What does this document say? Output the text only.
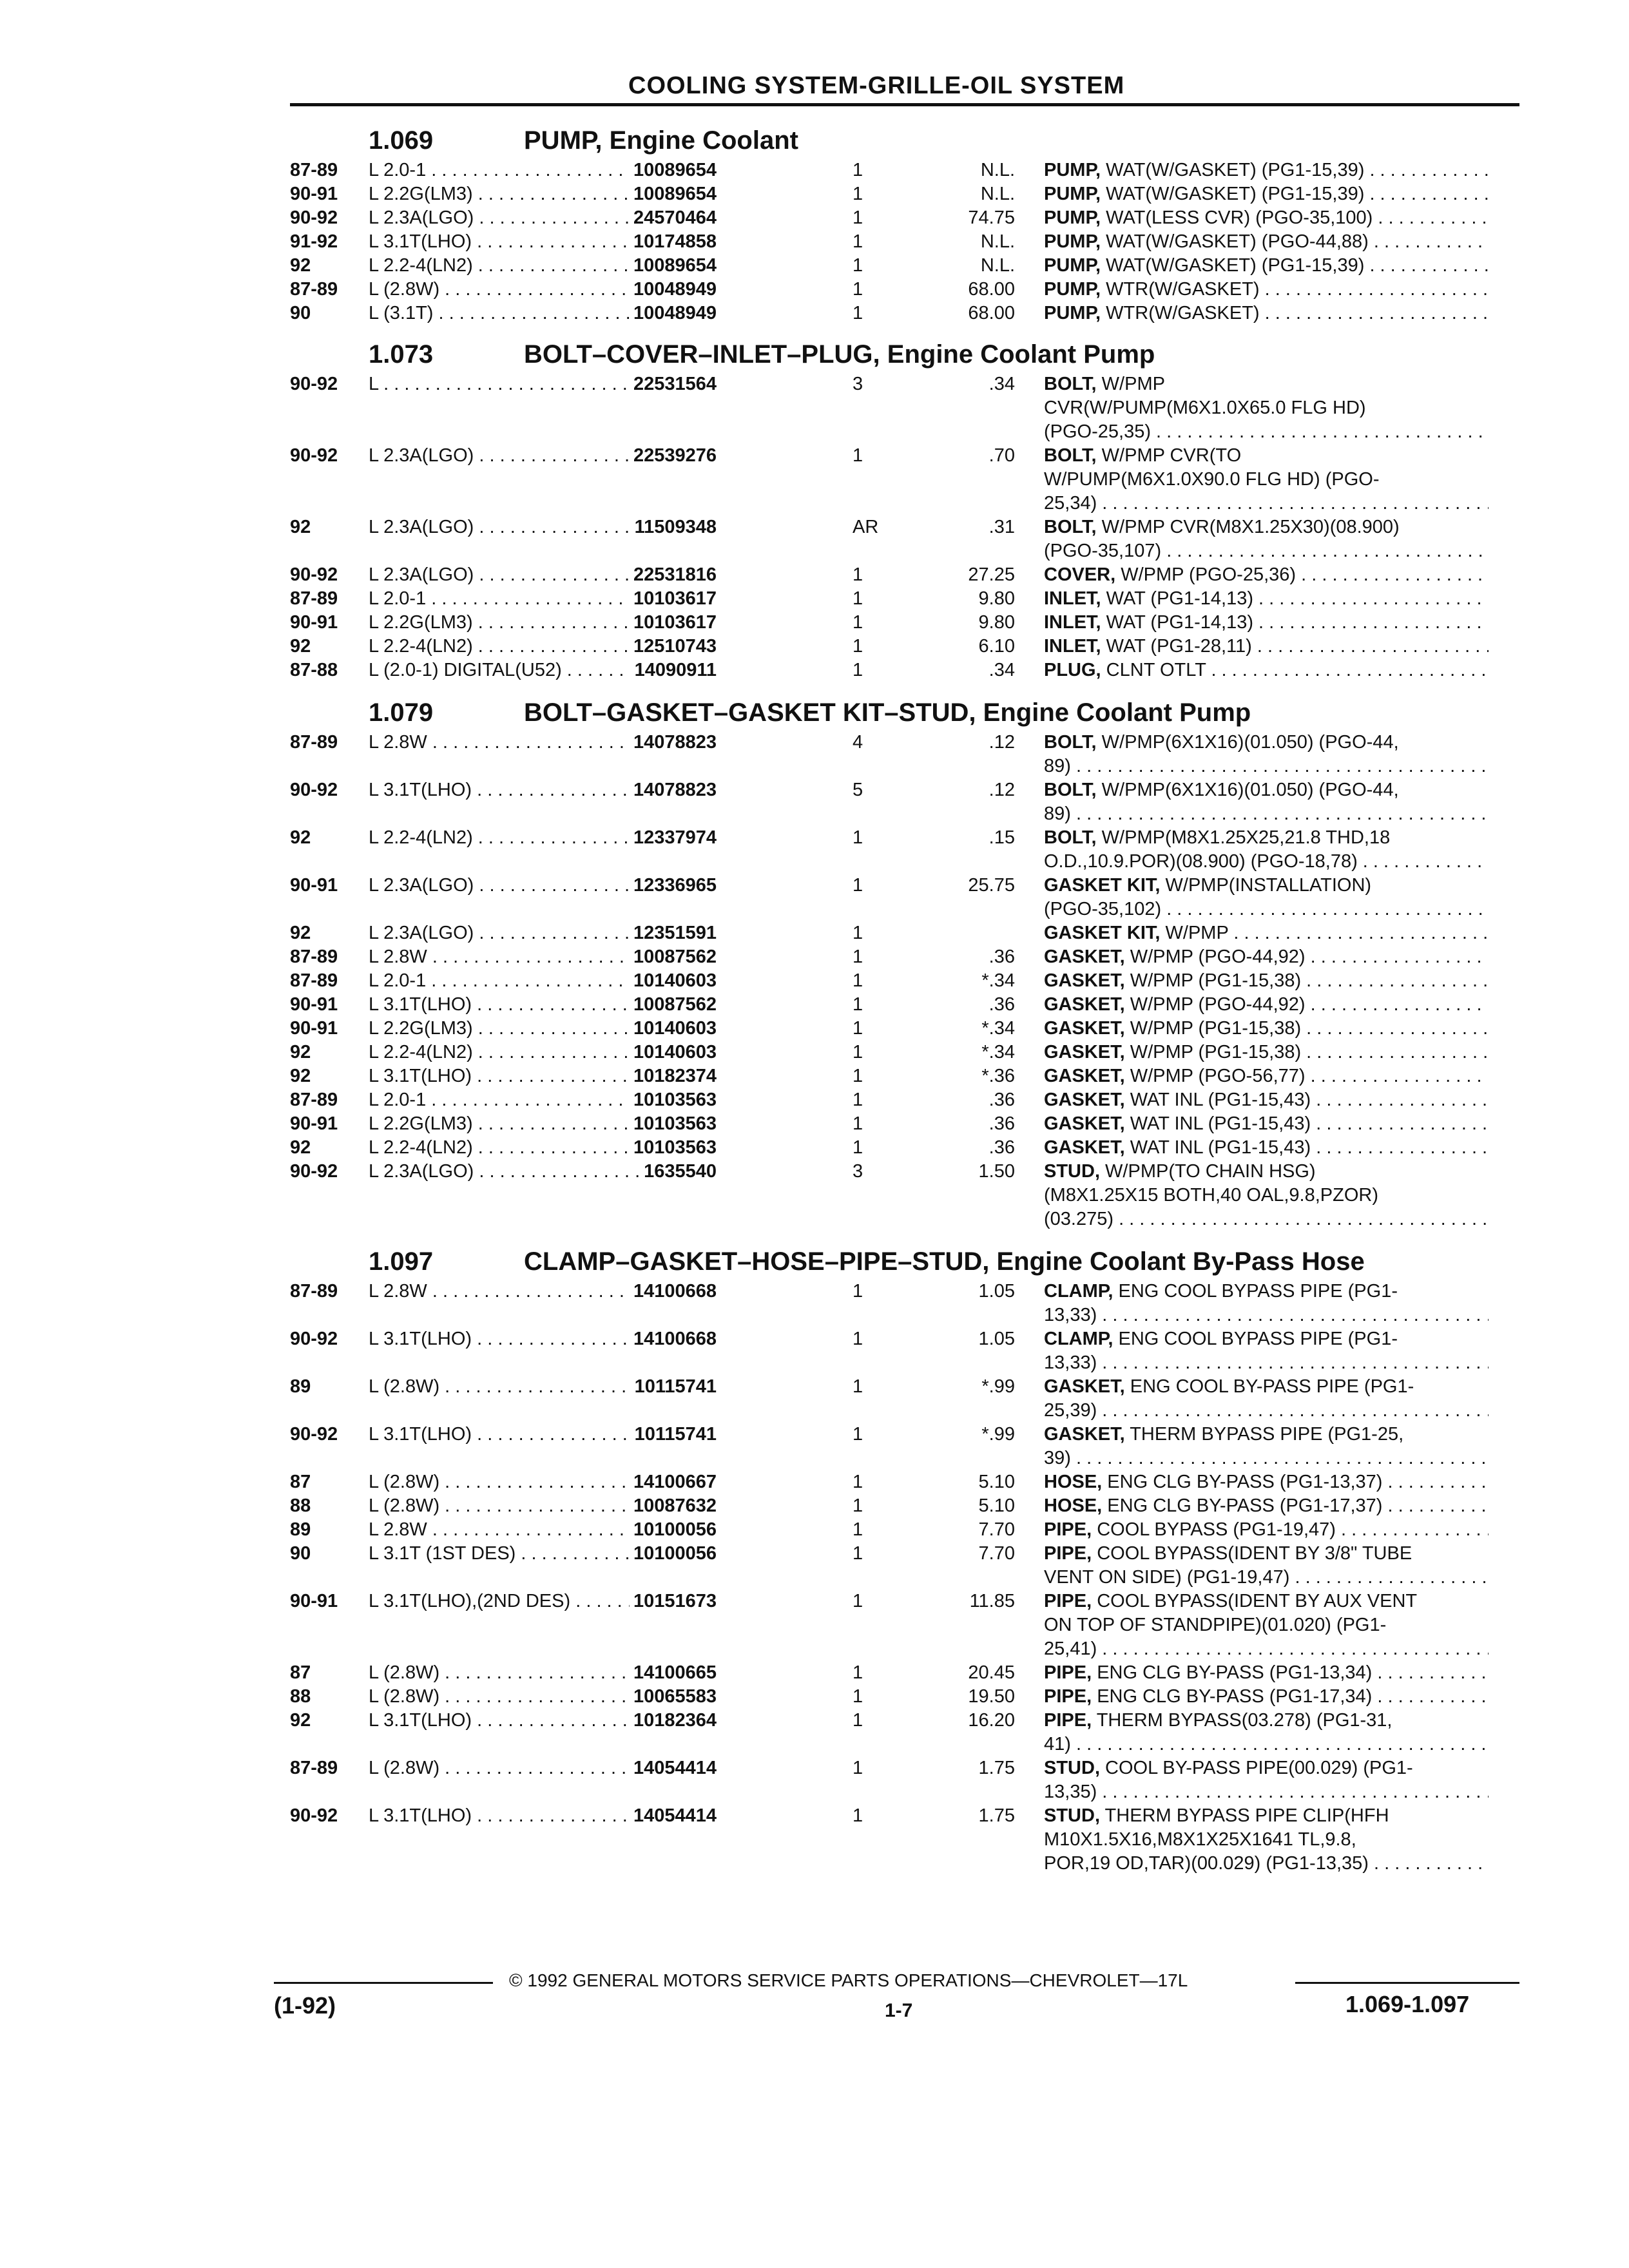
COOLING SYSTEM-GRILLE-OIL SYSTEM
1.069	PUMP, Engine Coolant
87-89 L 2.0-1 . . .	10089654	1	N.L. PUMP, WAT(W/GASKET) (PG1-15,39) . . .
90-91 L 2.2G(LM3) . . .	10089654	1	N.L. PUMP, WAT(W/GASKET) (PG1-15,39) . . .
90-92 L 2.3A(LGO) . . .	24570464	1	74.75 PUMP, WAT(LESS CVR) (PGO-35,100) . . .
91-92 L 3.1T(LHO) . . .	10174858	1	N.L. PUMP, WAT(W/GASKET) (PGO-44,88) . . .
92	L 2.2-4(LN2) . . .	10089654	1	N.L. PUMP, WAT(W/GASKET) (PG1-15,39) . . .
87-89 L (2.8W) . . .	10048949	1	68.00 PUMP, WTR(W/GASKET) . . .
90	L (3.1T) . . .	10048949	1	68.00 PUMP, WTR(W/GASKET) . . .
1.073	BOLT–COVER–INLET–PLUG, Engine Coolant Pump
90-92 L . . .	22531564	3	.34 BOLT, W/PMP
CVR(W/PUMP(M6X1.0X65.0 FLG HD)
(PGO-25,35) . . .
90-92 L 2.3A(LGO) . . .	22539276	1	.70 BOLT, W/PMP CVR(TO
W/PUMP(M6X1.0X90.0 FLG HD) (PGO-
25,34) . . .
92	L 2.3A(LGO) . . .	11509348	AR	.31 BOLT, W/PMP CVR(M8X1.25X30)(08.900)
(PGO-35,107) . . .
90-92 L 2.3A(LGO) . . .	22531816	1	27.25 COVER, W/PMP (PGO-25,36) . . .
87-89 L 2.0-1 . . .	10103617	1	9.80 INLET, WAT (PG1-14,13) . . .
90-91 L 2.2G(LM3) . . .	10103617	1	9.80 INLET, WAT (PG1-14,13) . . .
92	L 2.2-4(LN2) . . .	12510743	1	6.10 INLET, WAT (PG1-28,11) . . .
87-88 L (2.0-1) DIGITAL(U52) . . .	14090911	1	.34 PLUG, CLNT OTLT . . .
1.079	BOLT–GASKET–GASKET KIT–STUD, Engine Coolant Pump
87-89 L 2.8W . . .	14078823	4	.12 BOLT, W/PMP(6X1X16)(01.050) (PGO-44,
89) . . .
90-92 L 3.1T(LHO) . . .	14078823	5	.12 BOLT, W/PMP(6X1X16)(01.050) (PGO-44,
89) . . .
92	L 2.2-4(LN2) . . .	12337974	1	.15 BOLT, W/PMP(M8X1.25X25,21.8 THD,18
O.D.,10.9.POR)(08.900) (PGO-18,78) . . .
90-91 L 2.3A(LGO) . . .	12336965	1	25.75 GASKET KIT, W/PMP(INSTALLATION)
(PGO-35,102) . . .
92	L 2.3A(LGO) . . .	12351591	1	GASKET KIT, W/PMP . . .
87-89 L 2.8W . . .	10087562	1	.36 GASKET, W/PMP (PGO-44,92) . . .
87-89 L 2.0-1 . . .	10140603	1	*.34 GASKET, W/PMP (PG1-15,38) . . .
90-91 L 3.1T(LHO) . . .	10087562	1	.36 GASKET, W/PMP (PGO-44,92) . . .
90-91 L 2.2G(LM3) . . .	10140603	1	*.34 GASKET, W/PMP (PG1-15,38) . . .
92	L 2.2-4(LN2) . . .	10140603	1	*.34 GASKET, W/PMP (PG1-15,38) . . .
92	L 3.1T(LHO) . . .	10182374	1	*.36 GASKET, W/PMP (PGO-56,77) . . .
87-89 L 2.0-1 . . .	10103563	1	.36 GASKET, WAT INL (PG1-15,43) . . .
90-91 L 2.2G(LM3) . . .	10103563	1	.36 GASKET, WAT INL (PG1-15,43) . . .
92	L 2.2-4(LN2) . . .	10103563	1	.36 GASKET, WAT INL (PG1-15,43) . . .
90-92 L 2.3A(LGO) . . .	1635540	3	1.50 STUD, W/PMP(TO CHAIN HSG)
(M8X1.25X15 BOTH,40 OAL,9.8,PZOR)
(03.275) . . .
1.097	CLAMP–GASKET–HOSE–PIPE–STUD, Engine Coolant By-Pass Hose
87-89 L 2.8W . . .	14100668	1	1.05 CLAMP, ENG COOL BYPASS PIPE (PG1-
13,33) . . .
90-92 L 3.1T(LHO) . . .	14100668	1	1.05 CLAMP, ENG COOL BYPASS PIPE (PG1-
13,33) . . .
89	L (2.8W) . . .	10115741	1	*.99 GASKET, ENG COOL BY-PASS PIPE (PG1-
25,39) . . .
90-92 L 3.1T(LHO) . . .	10115741	1	*.99 GASKET, THERM BYPASS PIPE (PG1-25,
39) . . .
87	L (2.8W) . . .	14100667	1	5.10 HOSE, ENG CLG BY-PASS (PG1-13,37) . . .
88	L (2.8W) . . .	10087632	1	5.10 HOSE, ENG CLG BY-PASS (PG1-17,37) . . .
89	L 2.8W . . .	10100056	1	7.70 PIPE, COOL BYPASS (PG1-19,47) . . .
90	L 3.1T (1ST DES) . . .	10100056	1	7.70 PIPE, COOL BYPASS(IDENT BY 3/8" TUBE
VENT ON SIDE) (PG1-19,47) . . .
90-91 L 3.1T(LHO),(2ND DES) . . .	10151673	1	11.85 PIPE, COOL BYPASS(IDENT BY AUX VENT
ON TOP OF STANDPIPE)(01.020) (PG1-
25,41) . . .
87	L (2.8W) . . .	14100665	1	20.45 PIPE, ENG CLG BY-PASS (PG1-13,34) . . .
88	L (2.8W) . . .	10065583	1	19.50 PIPE, ENG CLG BY-PASS (PG1-17,34) . . .
92	L 3.1T(LHO) . . .	10182364	1	16.20 PIPE, THERM BYPASS(03.278) (PG1-31,
41) . . .
87-89 L (2.8W) . . .	14054414	1	1.75 STUD, COOL BY-PASS PIPE(00.029) (PG1-
13,35) . . .
90-92 L 3.1T(LHO) . . .	14054414	1	1.75 STUD, THERM BYPASS PIPE CLIP(HFH
M10X1.5X16,M8X1X25X1641 TL,9.8,
POR,19 OD,TAR)(00.029) (PG1-13,35) . . .
© 1992 GENERAL MOTORS SERVICE PARTS OPERATIONS—CHEVROLET—17L
(1-92)	1-7	1.069-1.097
